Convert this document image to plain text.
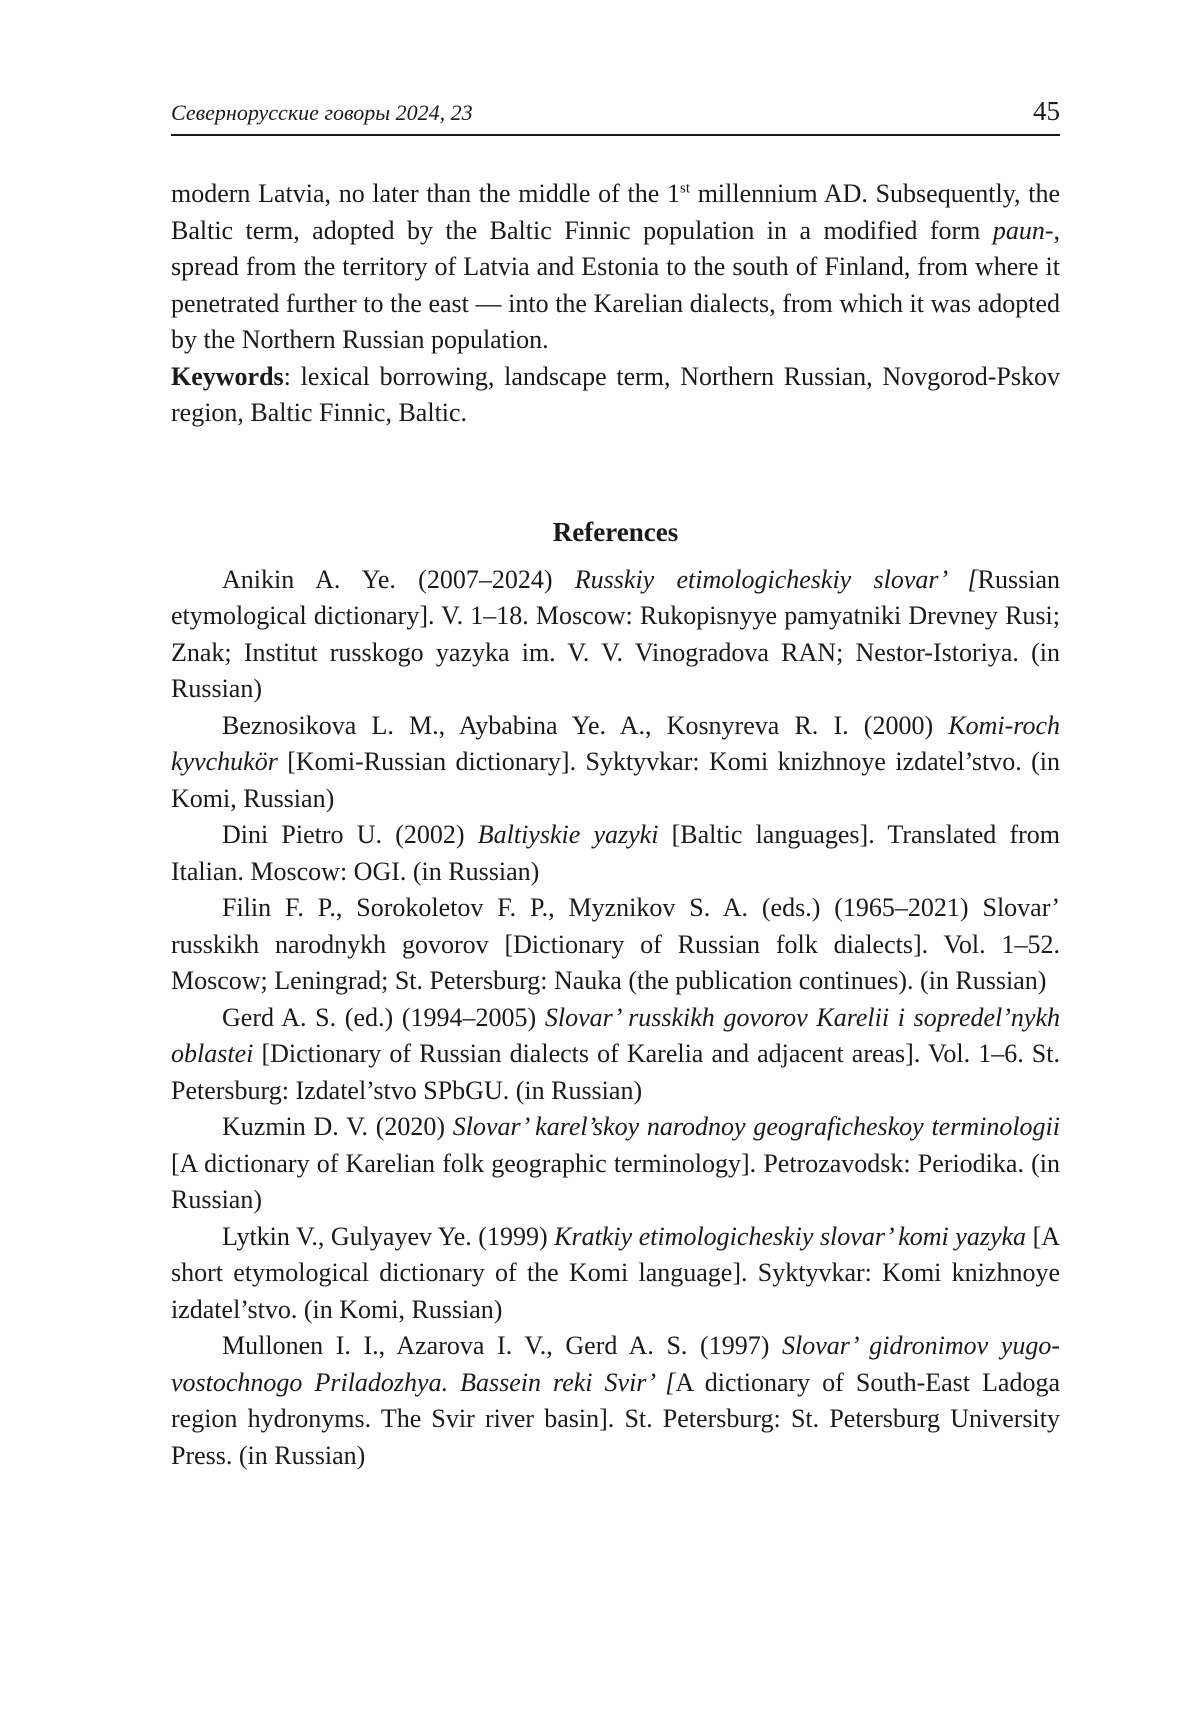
Севернорусские говоры 2024, 23	45

modern Latvia, no later than the middle of the 1st millennium AD. Subsequently, the Baltic term, adopted by the Baltic Finnic population in a modified form paun-, spread from the territory of Latvia and Estonia to the south of Finland, from where it penetrated further to the east — into the Karelian dialects, from which it was adopted by the Northern Russian population.

Keywords: lexical borrowing, landscape term, Northern Russian, Novgorod-Pskov region, Baltic Finnic, Baltic.

References

Anikin A. Ye. (2007–2024) Russkiy etimologicheskiy slovar’ [Russian etymological dictionary]. V. 1–18. Moscow: Rukopisnyye pamyatniki Drevney Rusi; Znak; Institut russkogo yazyka im. V. V. Vinogradova RAN; Nestor-Istoriya. (in Russian)

Beznosikova L. M., Aybabina Ye. A., Kosnyreva R. I. (2000) Komi-roch kyvchukör [Komi-Russian dictionary]. Syktyvkar: Komi knizhnoye izdatel’stvo. (in Komi, Russian)

Dini Pietro U. (2002) Baltiyskie yazyki [Baltic languages]. Translated from Italian. Moscow: OGI. (in Russian)

Filin F. P., Sorokoletov F. P., Myznikov S. A. (eds.) (1965–2021) Slovar’ russkikh narodnykh govorov [Dictionary of Russian folk dialects]. Vol. 1–52. Moscow; Leningrad; St. Petersburg: Nauka (the publication continues). (in Russian)

Gerd A. S. (ed.) (1994–2005) Slovar’ russkikh govorov Karelii i sopredel’nykh oblastei [Dictionary of Russian dialects of Karelia and adjacent areas]. Vol. 1–6. St. Petersburg: Izdatel’stvo SPbGU. (in Russian)

Kuzmin D. V. (2020) Slovar’ karel’skoy narodnoy geograficheskoy terminologii [A dictionary of Karelian folk geographic terminology]. Petrozavodsk: Periodika. (in Russian)

Lytkin V., Gulyayev Ye. (1999) Kratkiy etimologicheskiy slovar’ komi yazyka [A short etymological dictionary of the Komi language]. Syktyvkar: Komi knizhnoye izdatel’stvo. (in Komi, Russian)

Mullonen I. I., Azarova I. V., Gerd A. S. (1997) Slovar’ gidronimov yugo-vostochnogo Priladozhya. Bassein reki Svir’ [A dictionary of South-East Ladoga region hydronyms. The Svir river basin]. St. Petersburg: St. Petersburg University Press. (in Russian)
